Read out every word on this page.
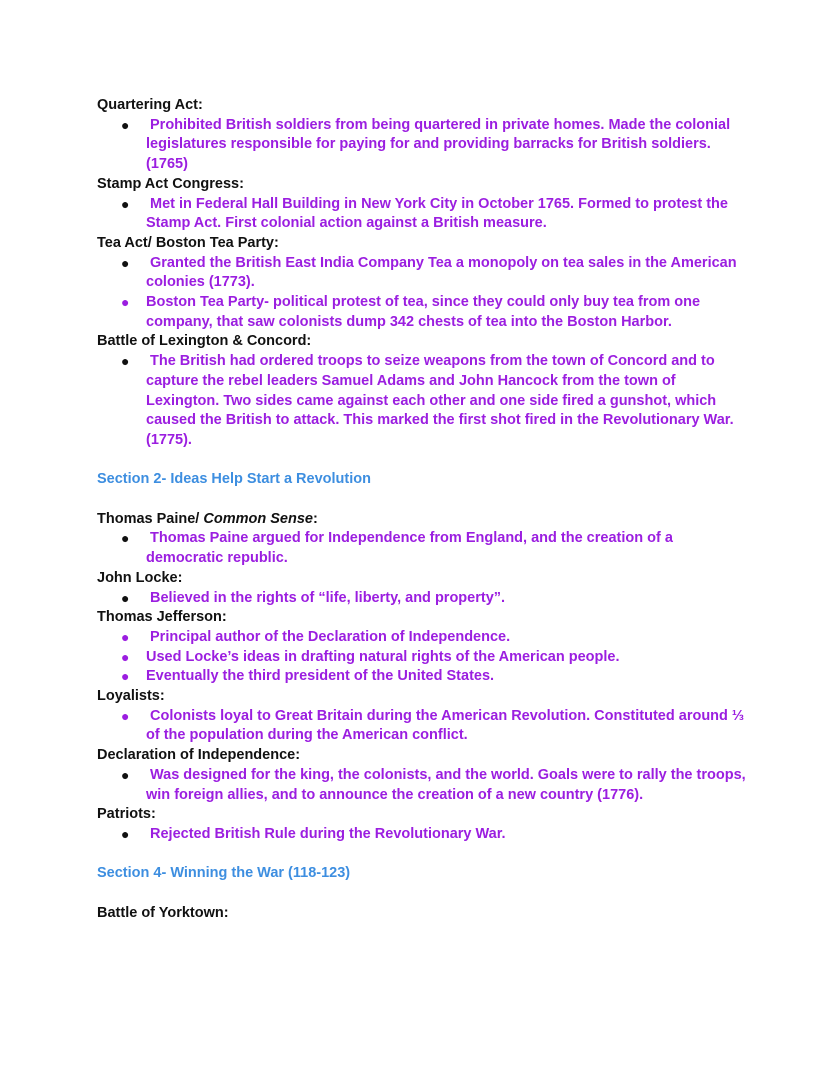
Quartering Act:
● Prohibited British soldiers from being quartered in private homes. Made the colonial legislatures responsible for paying for and providing barracks for British soldiers. (1765)
Stamp Act Congress:
● Met in Federal Hall Building in New York City in October 1765. Formed to protest the Stamp Act. First colonial action against a British measure.
Tea Act/ Boston Tea Party:
● Granted the British East India Company Tea a monopoly on tea sales in the American colonies (1773).
● Boston Tea Party- political protest of tea, since they could only buy tea from one company, that saw colonists dump 342 chests of tea into the Boston Harbor.
Battle of Lexington & Concord:
● The British had ordered troops to seize weapons from the town of Concord and to capture the rebel leaders Samuel Adams and John Hancock from the town of Lexington. Two sides came against each other and one side fired a gunshot, which caused the British to attack. This marked the first shot fired in the Revolutionary War. (1775).
Section 2- Ideas Help Start a Revolution
Thomas Paine/ Common Sense:
● Thomas Paine argued for Independence from England, and the creation of a democratic republic.
John Locke:
● Believed in the rights of “life, liberty, and property”.
Thomas Jefferson:
● Principal author of the Declaration of Independence.
● Used Locke’s ideas in drafting natural rights of the American people.
● Eventually the third president of the United States.
Loyalists:
● Colonists loyal to Great Britain during the American Revolution. Constituted around ⅓ of the population during the American conflict.
Declaration of Independence:
● Was designed for the king, the colonists, and the world. Goals were to rally the troops, win foreign allies, and to announce the creation of a new country (1776).
Patriots:
● Rejected British Rule during the Revolutionary War.
Section 4- Winning the War (118-123)
Battle of Yorktown:
